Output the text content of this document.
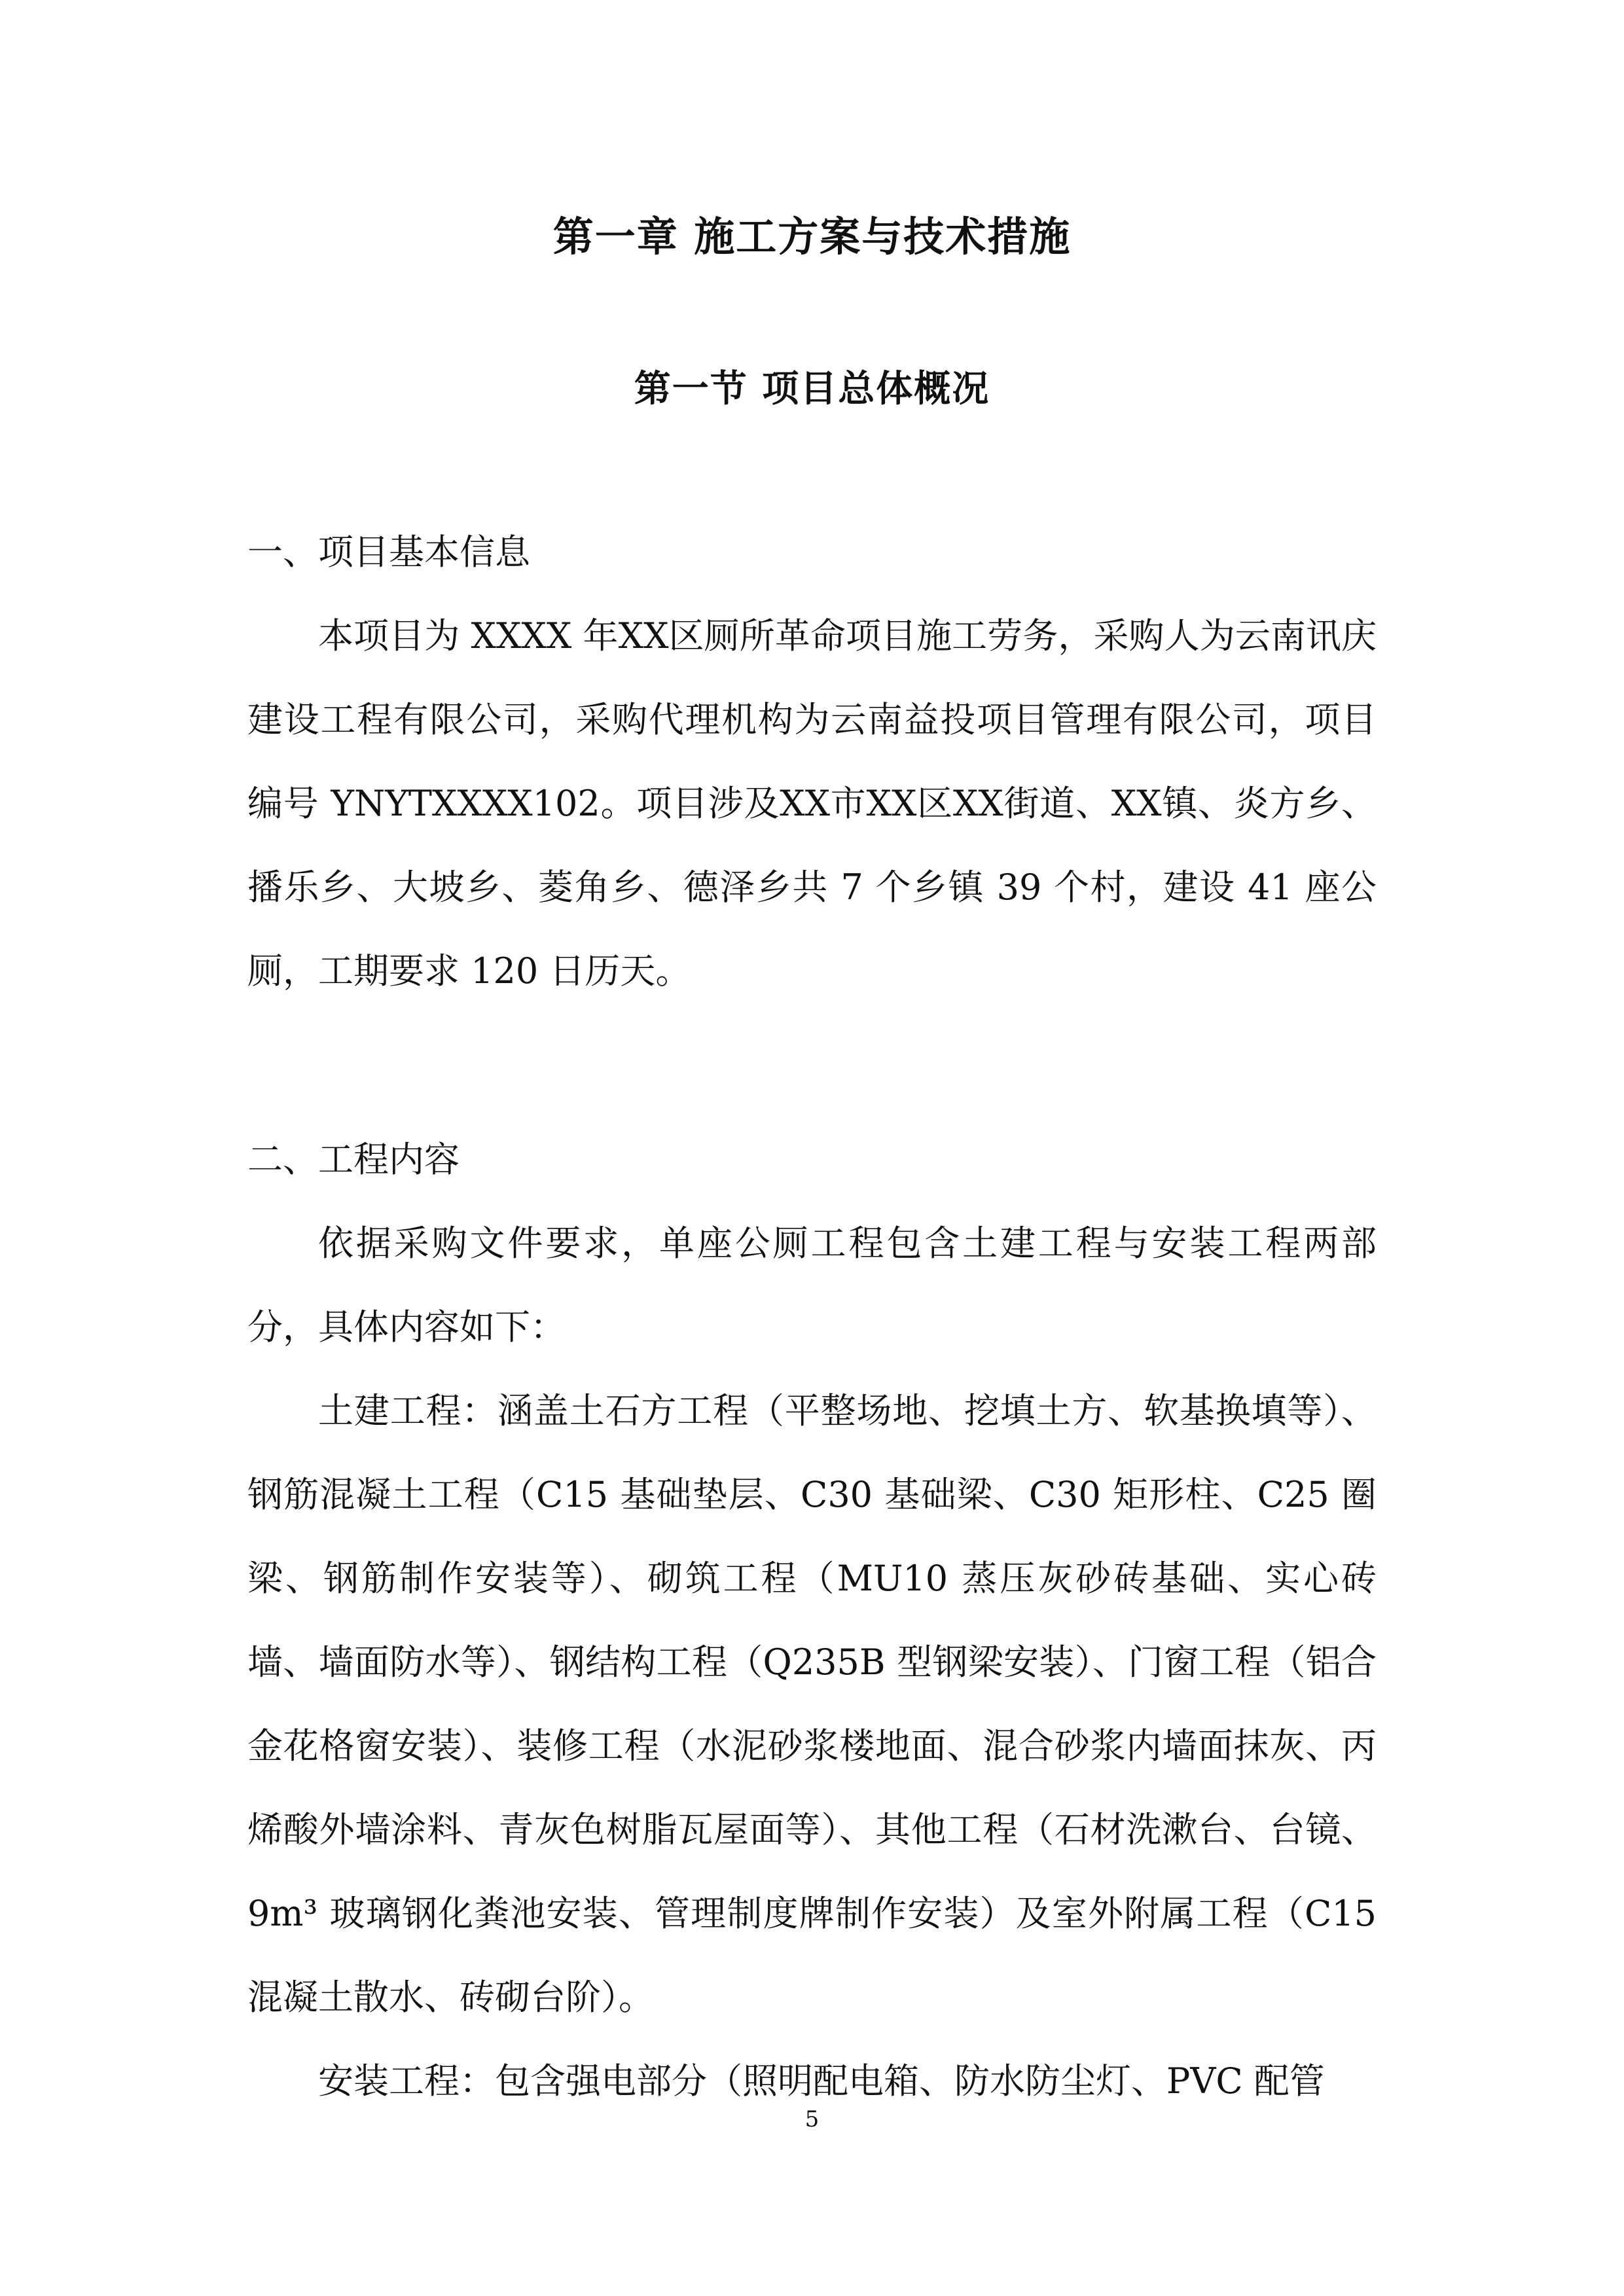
第一章 施工方案与技术措施
第一节 项目总体概况

一、项目基本信息

本项目为 XXXX 年XX区厕所革命项目施工劳务，采购人为云南讯庆建设工程有限公司，采购代理机构为云南益投项目管理有限公司，项目编号 YNYTXXXX102。项目涉及XX市XX区XX街道、XX镇、炎方乡、播乐乡、大坡乡、菱角乡、德泽乡共 7 个乡镇 39 个村，建设 41 座公厕，工期要求 120 日历天。

二、工程内容

依据采购文件要求，单座公厕工程包含土建工程与安装工程两部分，具体内容如下：

土建工程：涵盖土石方工程（平整场地、挖填土方、软基换填等）、钢筋混凝土工程（C15 基础垫层、C30 基础梁、C30 矩形柱、C25 圈梁、钢筋制作安装等）、砌筑工程（MU10 蒸压灰砂砖基础、实心砖墙、墙面防水等）、钢结构工程（Q235B 型钢梁安装）、门窗工程（铝合金花格窗安装）、装修工程（水泥砂浆楼地面、混合砂浆内墙面抹灰、丙烯酸外墙涂料、青灰色树脂瓦屋面等）、其他工程（石材洗漱台、台镜、9m³ 玻璃钢化粪池安装、管理制度牌制作安装）及室外附属工程（C15 混凝土散水、砖砌台阶）。

安装工程：包含强电部分（照明配电箱、防水防尘灯、PVC 配管

5
